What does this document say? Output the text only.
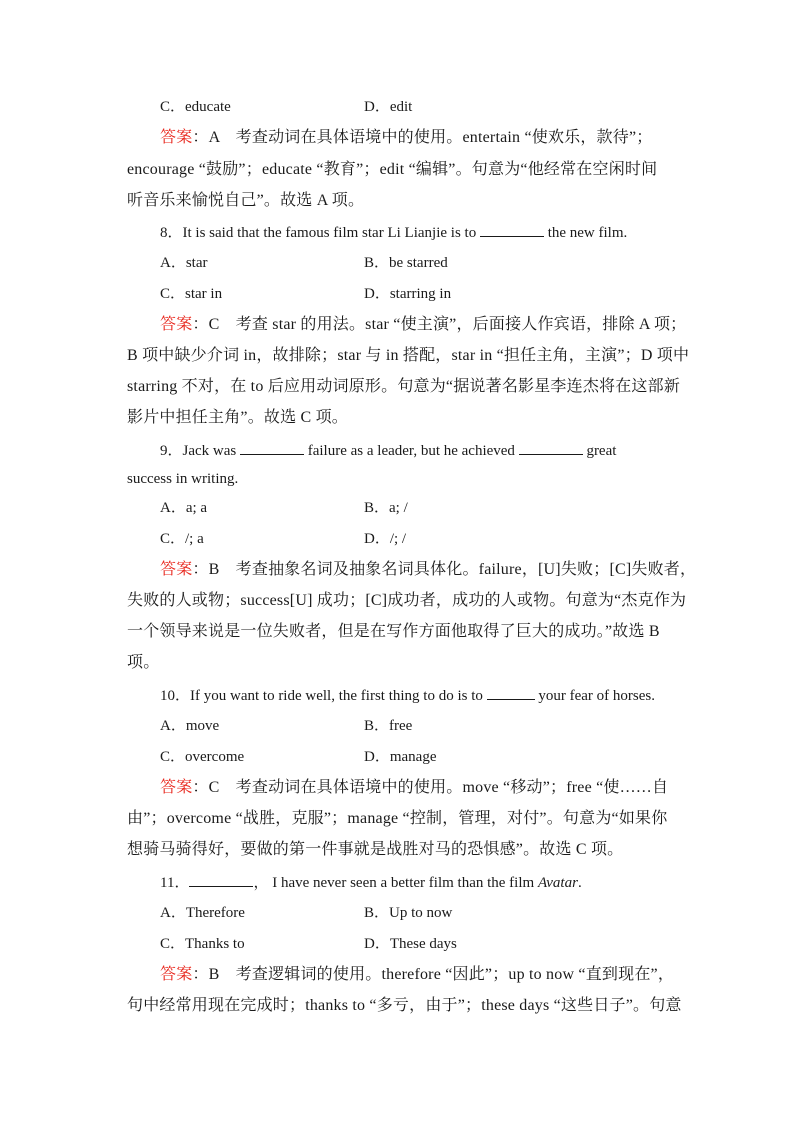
C．educate	D．edit
答案：A　考查动词在具体语境中的使用。entertain “使欢乐，款待”；
encourage “鼓励”；educate “教育”；edit “编辑”。句意为“他经常在空闲时间
听音乐来愉悦自己”。故选 A 项。
8．It is said that the famous film star Li Lianjie is to	the new film.
A．star	B．be starred
C．star in	D．starring in
答案：C　考查 star 的用法。star “使主演”，后面接人作宾语，排除 A 项；
B 项中缺少介词 in，故排除；star 与 in 搭配，star in “担任主角，主演”；D 项中
starring 不对，在 to 后应用动词原形。句意为“据说著名影星李连杰将在这部新
影片中担任主角”。故选 C 项。
9．Jack was	failure as a leader, but he achieved	great
success in writing.
A．a; a	B．a; /
C．/; a	D．/; /
答案：B　考查抽象名词及抽象名词具体化。failure，[U]失败；[C]失败者，
失败的人或物；success[U] 成功；[C]成功者，成功的人或物。句意为“杰克作为
一个领导来说是一位失败者，但是在写作方面他取得了巨大的成功。”故选 B
项。
10．If you want to ride well, the first thing to do is to	your fear of horses.
A．move	B．free
C．overcome	D．manage
答案：C　考查动词在具体语境中的使用。move “移动”；free “使……自
由”；overcome “战胜，克服”；manage “控制，管理，对付”。句意为“如果你
想骑马骑得好，要做的第一件事就是战胜对马的恐惧感”。故选 C 项。
11．	， I have never seen a better film than the film Avatar.
A．Therefore	B．Up to now
C．Thanks to	D．These days
答案：B　考查逻辑词的使用。therefore “因此”；up to now “直到现在”，
句中经常用现在完成时；thanks to “多亏，由于”；these days “这些日子”。句意
